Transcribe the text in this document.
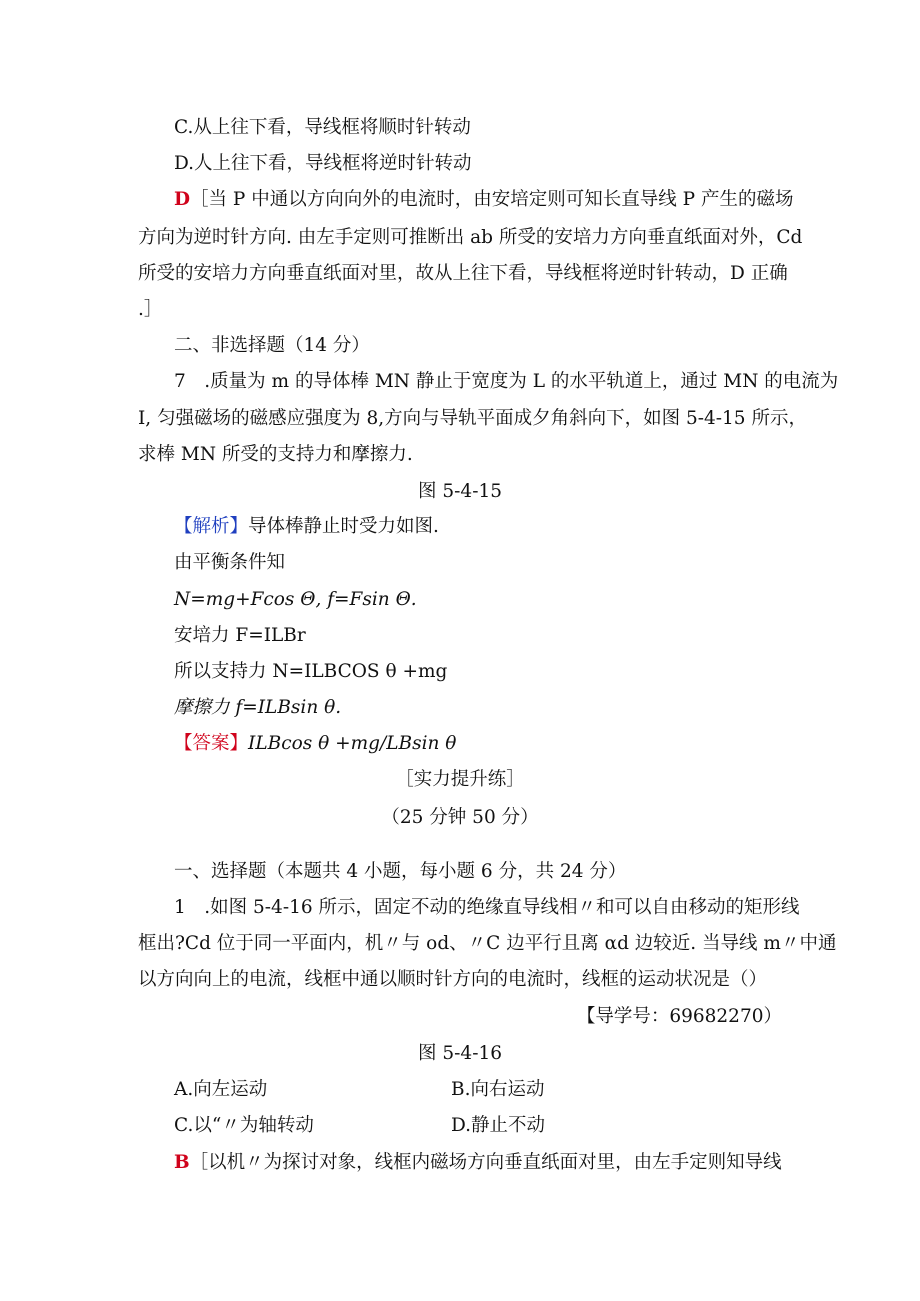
C.从上往下看，导线框将顺时针转动
D.人上往下看，导线框将逆时针转动
D［当 P 中通以方向向外的电流时，由安培定则可知长直导线 P 产生的磁场
方向为逆时针方向. 由左手定则可推断出 ab 所受的安培力方向垂直纸面对外，Cd
所受的安培力方向垂直纸面对里，故从上往下看，导线框将逆时针转动，D 正确
.］
二、非选择题（14 分）
7　.质量为 m 的导体棒 MN 静止于宽度为 L 的水平轨道上，通过 MN 的电流为
I, 匀强磁场的磁感应强度为 8,方向与导轨平面成夕角斜向下，如图 5-4-15 所示，
求棒 MN 所受的支持力和摩擦力.
图 5-4-15
【解析】导体棒静止时受力如图.
由平衡条件知
N=mg+Fcos Θ, f=Fsin Θ.
安培力 F=ILBr
所以支持力 N=ILBCOS θ +mg
摩擦力 f=ILBsin θ.
【答案】ILBcos θ +mg/LBsin θ
［实力提升练］
（25 分钟 50 分）
一、选择题（本题共 4 小题，每小题 6 分，共 24 分）
1　.如图 5-4-16 所示，固定不动的绝缘直导线相〃和可以自由移动的矩形线
框出?Cd 位于同一平面内，机〃与 od、〃C 边平行且离 αd 边较近. 当导线 m〃中通
以方向向上的电流，线框中通以顺时针方向的电流时，线框的运动状况是（）
【导学号：69682270）
图 5-4-16
A.向左运动	B.向右运动
C.以“〃为轴转动	D.静止不动
B［以机〃为探讨对象，线框内磁场方向垂直纸面对里，由左手定则知导线
